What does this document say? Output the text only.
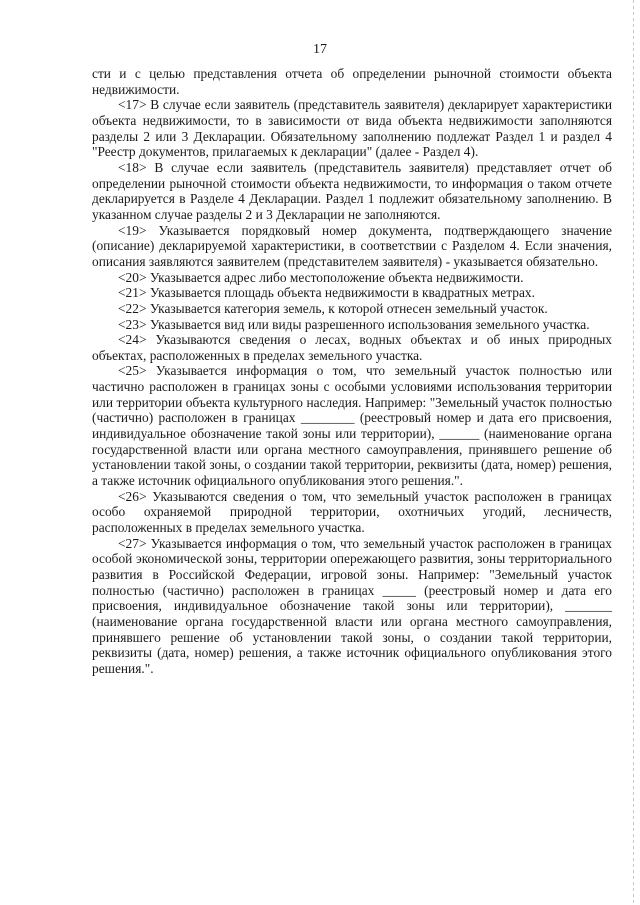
17

сти и с целью представления отчета об определении рыночной стоимости объекта недвижимости.

<17> В случае если заявитель (представитель заявителя) декларирует характеристики объекта недвижимости, то в зависимости от вида объекта недвижимости заполняются разделы 2 или 3 Декларации. Обязательному заполнению подлежат Раздел 1 и раздел 4 "Реестр документов, прилагаемых к декларации" (далее - Раздел 4).

<18> В случае если заявитель (представитель заявителя) представляет отчет об определении рыночной стоимости объекта недвижимости, то информация о таком отчете декларируется в Разделе 4 Декларации. Раздел 1 подлежит обязательному заполнению. В указанном случае разделы 2 и 3 Декларации не заполняются.

<19> Указывается порядковый номер документа, подтверждающего значение (описание) декларируемой характеристики, в соответствии с Разделом 4. Если значения, описания заявляются заявителем (представителем заявителя) - указывается обязательно.

<20> Указывается адрес либо местоположение объекта недвижимости.

<21> Указывается площадь объекта недвижимости в квадратных метрах.

<22> Указывается категория земель, к которой отнесен земельный участок.

<23> Указывается вид или виды разрешенного использования земельного участка.

<24> Указываются сведения о лесах, водных объектах и об иных природных объектах, расположенных в пределах земельного участка.

<25> Указывается информация о том, что земельный участок полностью или частично расположен в границах зоны с особыми условиями использования территории или территории объекта культурного наследия. Например: "Земельный участок полностью (частично) расположен в границах ________ (реестровый номер и дата его присвоения, индивидуальное обозначение такой зоны или территории), ______ (наименование органа государственной власти или органа местного самоуправления, принявшего решение об установлении такой зоны, о создании такой территории, реквизиты (дата, номер) решения, а также источник официального опубликования этого решения.".

<26> Указываются сведения о том, что земельный участок расположен в границах особо охраняемой природной территории, охотничьих угодий, лесничеств, расположенных в пределах земельного участка.

<27> Указывается информация о том, что земельный участок расположен в границах особой экономической зоны, территории опережающего развития, зоны территориального развития в Российской Федерации, игровой зоны. Например: "Земельный участок полностью (частично) расположен в границах _____ (реестровый номер и дата его присвоения, индивидуальное обозначение такой зоны или территории), _______ (наименование органа государственной власти или органа местного самоуправления, принявшего решение об установлении такой зоны, о создании такой территории, реквизиты (дата, номер) решения, а также источник официального опубликования этого решения.".
